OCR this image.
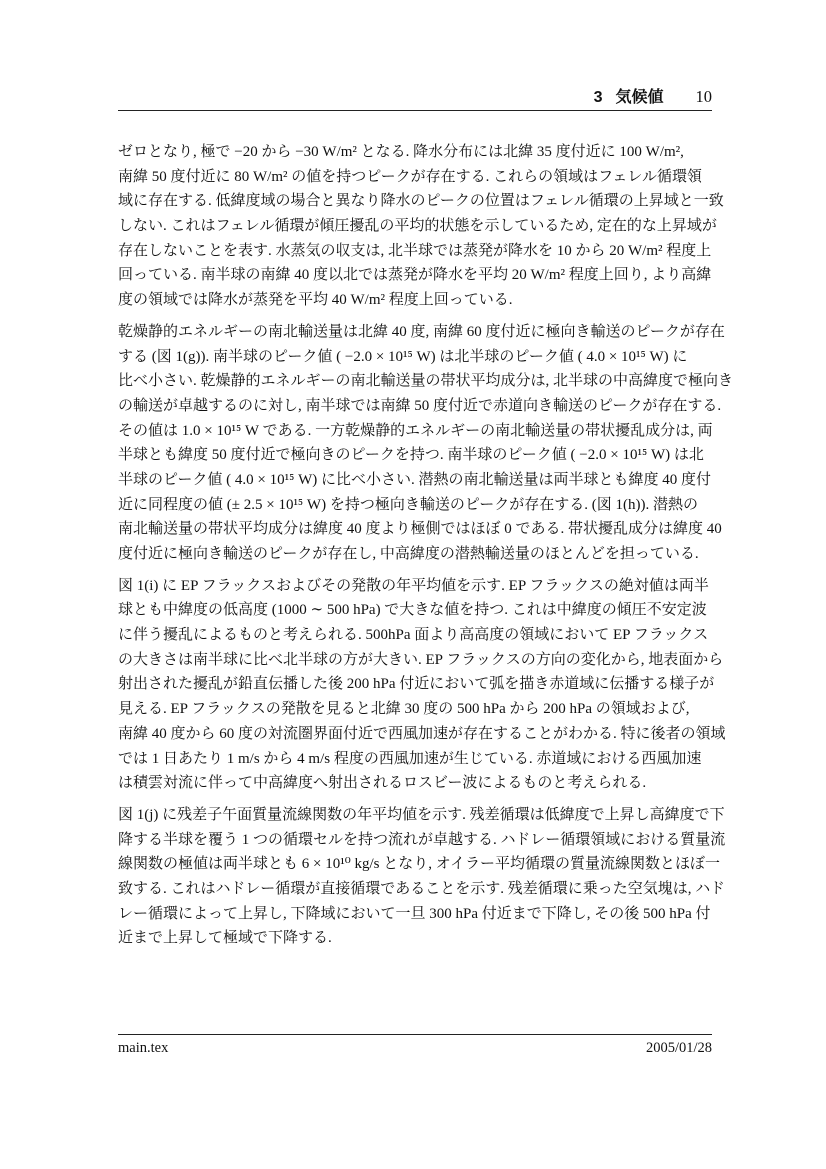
3 気候値 10
ゼロとなり, 極で −20 から −30 W/m² となる. 降水分布には北緯 35 度付近に 100 W/m²,
南緯 50 度付近に 80 W/m² の値を持つピークが存在する. これらの領域はフェレル循環領
域に存在する. 低緯度域の場合と異なり降水のピークの位置はフェレル循環の上昇域と一致
しない. これはフェレル循環が傾圧擾乱の平均的状態を示しているため, 定在的な上昇域が
存在しないことを表す. 水蒸気の収支は, 北半球では蒸発が降水を 10 から 20 W/m² 程度上
回っている. 南半球の南緯 40 度以北では蒸発が降水を平均 20 W/m² 程度上回り, より高緯
度の領域では降水が蒸発を平均 40 W/m² 程度上回っている.
乾燥静的エネルギーの南北輸送量は北緯 40 度, 南緯 60 度付近に極向き輸送のピークが存在
する (図 1(g)). 南半球のピーク値 ( −2.0 × 10¹⁵ W) は北半球のピーク値 ( 4.0 × 10¹⁵ W) に
比べ小さい. 乾燥静的エネルギーの南北輸送量の帯状平均成分は, 北半球の中高緯度で極向き
の輸送が卓越するのに対し, 南半球では南緯 50 度付近で赤道向き輸送のピークが存在する.
その値は 1.0 × 10¹⁵ W である. 一方乾燥静的エネルギーの南北輸送量の帯状擾乱成分は, 両
半球とも緯度 50 度付近で極向きのピークを持つ. 南半球のピーク値 ( −2.0 × 10¹⁵ W) は北
半球のピーク値 ( 4.0 × 10¹⁵ W) に比べ小さい. 潜熱の南北輸送量は両半球とも緯度 40 度付
近に同程度の値 (± 2.5 × 10¹⁵ W) を持つ極向き輸送のピークが存在する. (図 1(h)). 潜熱の
南北輸送量の帯状平均成分は緯度 40 度より極側ではほぼ 0 である. 帯状擾乱成分は緯度 40
度付近に極向き輸送のピークが存在し, 中高緯度の潜熱輸送量のほとんどを担っている.
図 1(i) に EP フラックスおよびその発散の年平均値を示す. EP フラックスの絶対値は両半
球とも中緯度の低高度 (1000 ∼ 500 hPa) で大きな値を持つ. これは中緯度の傾圧不安定波
に伴う擾乱によるものと考えられる. 500hPa 面より高高度の領域において EP フラックス
の大きさは南半球に比べ北半球の方が大きい. EP フラックスの方向の変化から, 地表面から
射出された擾乱が鉛直伝播した後 200 hPa 付近において弧を描き赤道域に伝播する様子が
見える. EP フラックスの発散を見ると北緯 30 度の 500 hPa から 200 hPa の領域および,
南緯 40 度から 60 度の対流圏界面付近で西風加速が存在することがわかる. 特に後者の領域
では 1 日あたり 1 m/s から 4 m/s 程度の西風加速が生じている. 赤道域における西風加速
は積雲対流に伴って中高緯度へ射出されるロスビー波によるものと考えられる.
図 1(j) に残差子午面質量流線関数の年平均値を示す. 残差循環は低緯度で上昇し高緯度で下
降する半球を覆う 1 つの循環セルを持つ流れが卓越する. ハドレー循環領域における質量流
線関数の極値は両半球とも 6 × 10¹⁰ kg/s となり, オイラー平均循環の質量流線関数とほぼ一
致する. これはハドレー循環が直接循環であることを示す. 残差循環に乗った空気塊は, ハド
レー循環によって上昇し, 下降域において一旦 300 hPa 付近まで下降し, その後 500 hPa 付
近まで上昇して極域で下降する.
main.tex	2005/01/28
